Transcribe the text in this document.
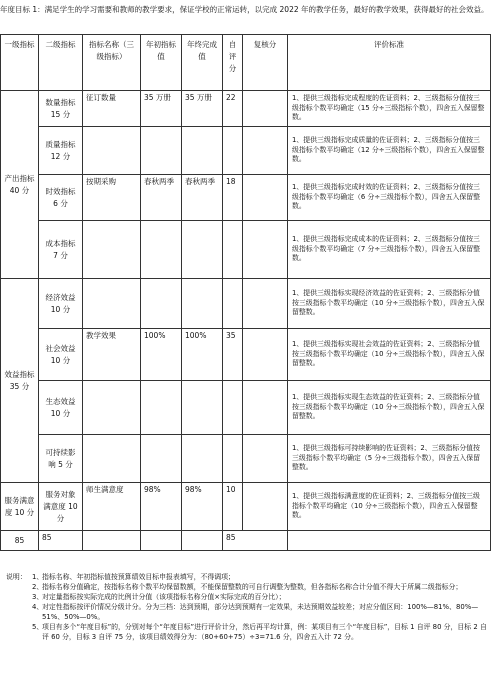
年度目标 1：满足学生的学习需要和教师的教学要求，保证学校的正常运转，以完成 2022 年的教学任务，最好的教学效果，获得最好的社会效益。
一级指标	二级指标	指标名称（三级指标）	年初指标值	年终完成值	自评分	复核分	评价标准
产出指标 40 分	数量指标 15 分	征订数量	35 万册	35 万册	22		1、提供三级指标完成程度的佐证资料；2、三级指标分值按三级指标个数平均确定（15 分÷三级指标个数），四舍五入保留整数。
	质量指标 12 分						1、提供三级指标完成质量的佐证资料；2、三级指标分值按三级指标个数平均确定（12 分÷三级指标个数），四舍五入保留整数。
	时效指标 6 分	按期采购	春秋两季	春秋两季	18		1、提供三级指标完成时效的佐证资料；2、三级指标分值按三级指标个数平均确定（6 分÷三级指标个数），四舍五入保留整数。
	成本指标 7 分						1、提供三级指标完成成本的佐证资料；2、三级指标分值按三级指标个数平均确定（7 分÷三级指标个数），四舍五入保留整数。
效益指标 35 分	经济效益 10 分						1、提供三级指标实现经济效益的佐证资料；2、三级指标分值按三级指标个数平均确定（10 分÷三级指标个数），四舍五入保留整数。
	社会效益 10 分	教学效果	100%	100%	35		1、提供三级指标实现社会效益的佐证资料；2、三级指标分值按三级指标个数平均确定（10 分÷三级指标个数），四舍五入保留整数。
	生态效益 10 分						1、提供三级指标实现生态效益的佐证资料；2、三级指标分值按三级指标个数平均确定（10 分÷三级指标个数），四舍五入保留整数。
	可持续影响 5 分						1、提供三级指标可持续影响的佐证资料；2、三级指标分值按三级指标个数平均确定（5 分÷三级指标个数），四舍五入保留整数。
服务满意度 10 分	服务对象满意度 10 分	师生满意度	98%	98%	10		1、提供三级指标满意度的佐证资料；2、三级指标分值按三级指标个数平均确定（10 分÷三级指标个数），四舍五入保留整数。
85	85				85		
说明： 1、
指标名称、年初指标值按预算绩效目标申报表填写，不得调项；
2、
指标名称分值确定，按指标名称个数平均保留数额，不能保留整数的可自行调整为整数，但各指标名称合计分值不得大于所属二级指标分；
3、
对定量指标按实际完成的比例计分值（该项指标名称分值×实际完成的百分比）；
4、
对定性指标按评价情况分级计分。分为三档：达到预期，部分达到预期有一定效果，未达预期效益较差；对应分值区间：100%—81%、80%—51%、50%—0%。
5、
项目有多个“年度目标”的，分别对每个“年度目标”进行评价计分，然后再平均计算，例：某项目有三个“年度目标”，目标 1 自评 80 分，目标 2 自评 60 分，目标 3 自评 75 分，该项目绩效得分为：（80+60+75）÷3=71.6 分，四舍五入计 72 分。
